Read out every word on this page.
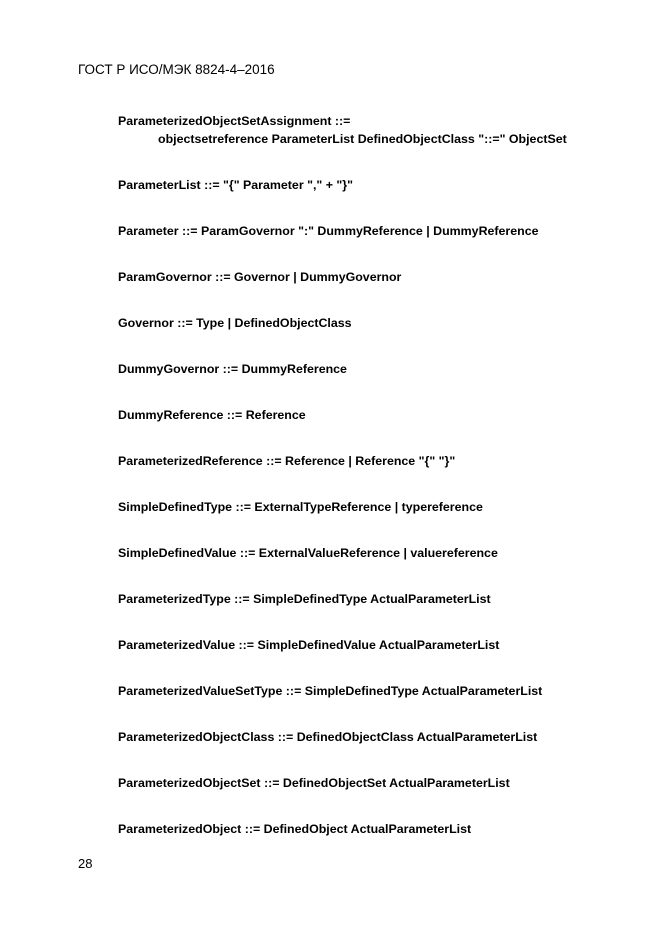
ГОСТ Р ИСО/МЭК 8824-4–2016
ParameterizedObjectSetAssignment ::=
objectsetreference ParameterList DefinedObjectClass "::=" ObjectSet
ParameterList ::= "{" Parameter "," + "}"
Parameter ::= ParamGovernor ":" DummyReference | DummyReference
ParamGovernor ::= Governor | DummyGovernor
Governor ::= Type | DefinedObjectClass
DummyGovernor ::= DummyReference
DummyReference ::= Reference
ParameterizedReference ::= Reference | Reference "{" "}"
SimpleDefinedType ::= ExternalTypeReference | typereference
SimpleDefinedValue ::= ExternalValueReference | valuereference
ParameterizedType ::= SimpleDefinedType ActualParameterList
ParameterizedValue ::= SimpleDefinedValue ActualParameterList
ParameterizedValueSetType ::= SimpleDefinedType ActualParameterList
ParameterizedObjectClass ::= DefinedObjectClass ActualParameterList
ParameterizedObjectSet ::= DefinedObjectSet ActualParameterList
ParameterizedObject ::= DefinedObject ActualParameterList
28
